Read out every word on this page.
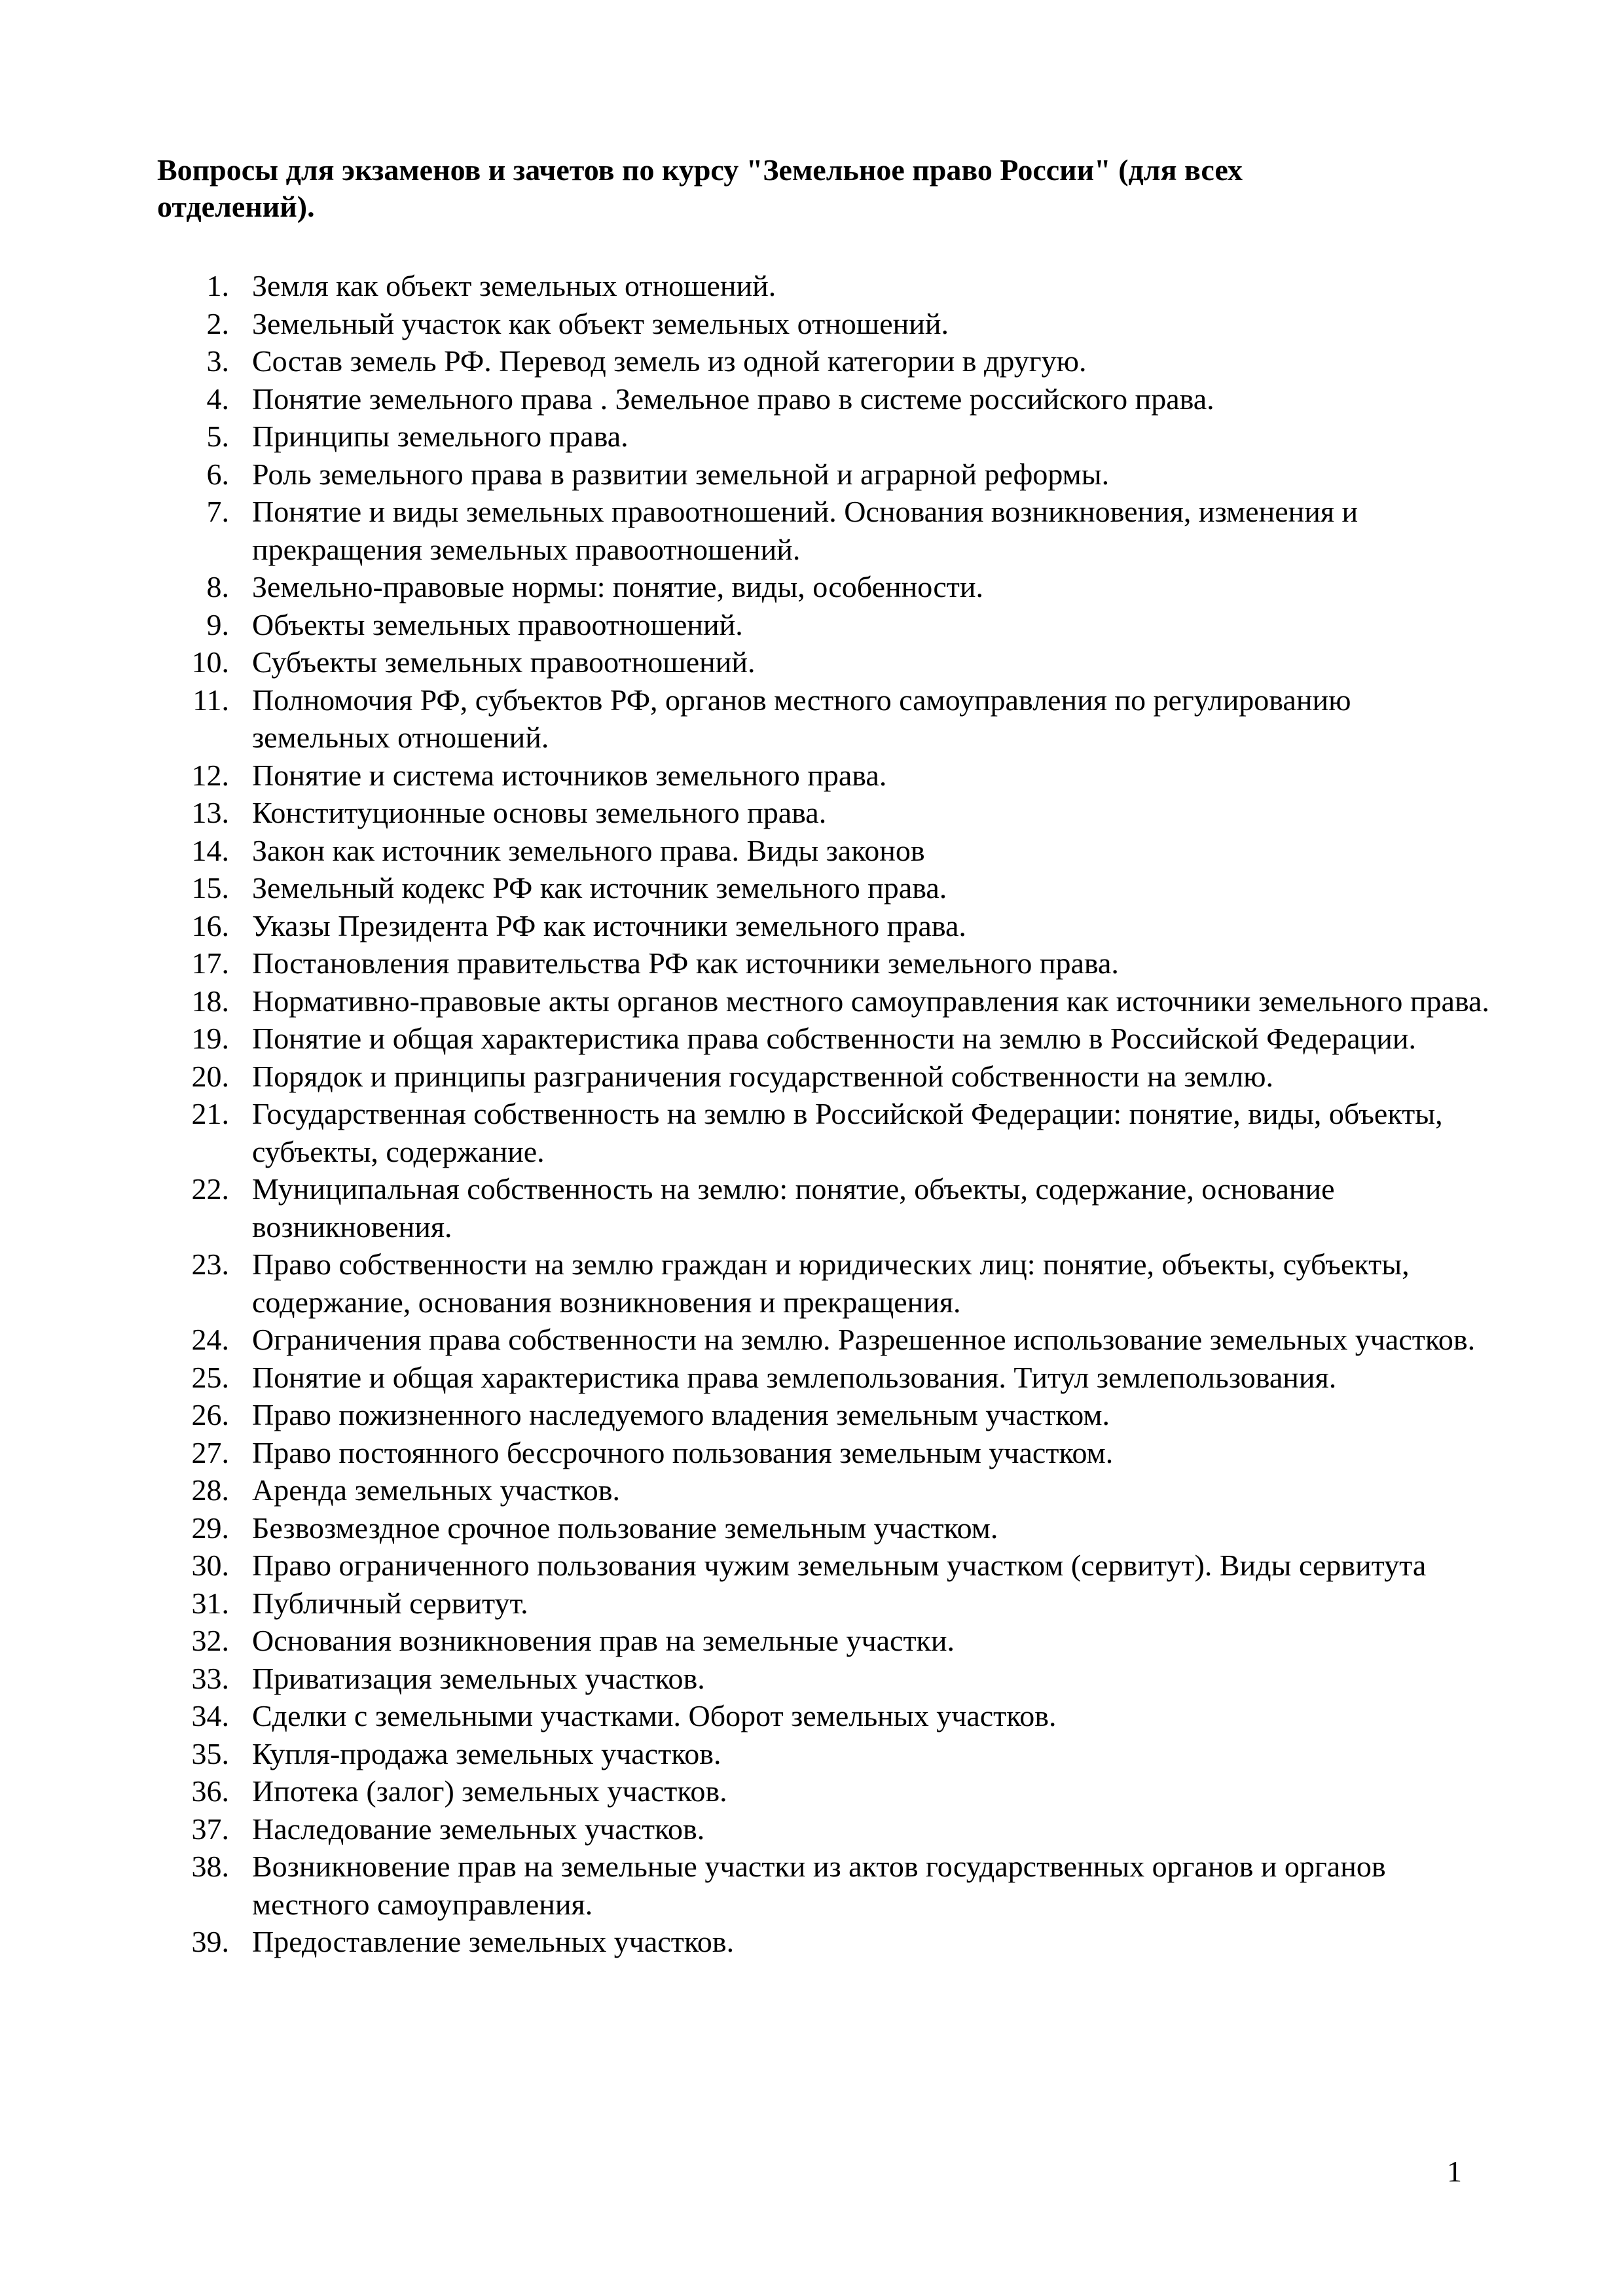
Вопросы для экзаменов и зачетов по курсу "Земельное право России" (для всех отделений).
1. Земля как объект земельных отношений.
2. Земельный участок как объект земельных отношений.
3. Состав земель РФ. Перевод земель из одной категории в другую.
4. Понятие земельного права . Земельное право в системе российского права.
5. Принципы земельного права.
6. Роль земельного права в развитии земельной и аграрной реформы.
7. Понятие и виды земельных правоотношений. Основания возникновения, изменения и прекращения земельных правоотношений.
8. Земельно-правовые нормы: понятие, виды, особенности.
9. Объекты земельных правоотношений.
10. Субъекты земельных правоотношений.
11. Полномочия РФ, субъектов РФ, органов местного самоуправления по регулированию земельных отношений.
12. Понятие и система источников земельного права.
13. Конституционные основы земельного права.
14. Закон как источник земельного права. Виды законов
15. Земельный кодекс РФ как источник земельного права.
16. Указы Президента РФ как источники земельного права.
17. Постановления правительства РФ как источники земельного права.
18. Нормативно-правовые акты органов местного самоуправления как источники земельного права.
19. Понятие и общая характеристика права собственности на землю в Российской Федерации.
20. Порядок и принципы разграничения государственной собственности на землю.
21. Государственная собственность на землю в Российской Федерации: понятие, виды, объекты, субъекты, содержание.
22. Муниципальная собственность на землю: понятие, объекты, содержание, основание возникновения.
23. Право собственности на землю граждан и юридических лиц: понятие, объекты, субъекты, содержание, основания возникновения и прекращения.
24. Ограничения права собственности на землю. Разрешенное использование земельных участков.
25. Понятие и общая характеристика права землепользования. Титул землепользования.
26. Право пожизненного наследуемого владения земельным участком.
27. Право постоянного бессрочного пользования земельным участком.
28. Аренда земельных участков.
29. Безвозмездное срочное пользование земельным участком.
30. Право ограниченного пользования чужим земельным участком (сервитут). Виды сервитута
31. Публичный сервитут.
32. Основания возникновения прав на земельные участки.
33. Приватизация земельных участков.
34. Сделки с земельными участками. Оборот земельных участков.
35. Купля-продажа земельных участков.
36. Ипотека (залог) земельных участков.
37. Наследование земельных участков.
38. Возникновение прав на земельные участки из актов государственных органов и органов местного самоуправления.
39. Предоставление земельных участков.
1
